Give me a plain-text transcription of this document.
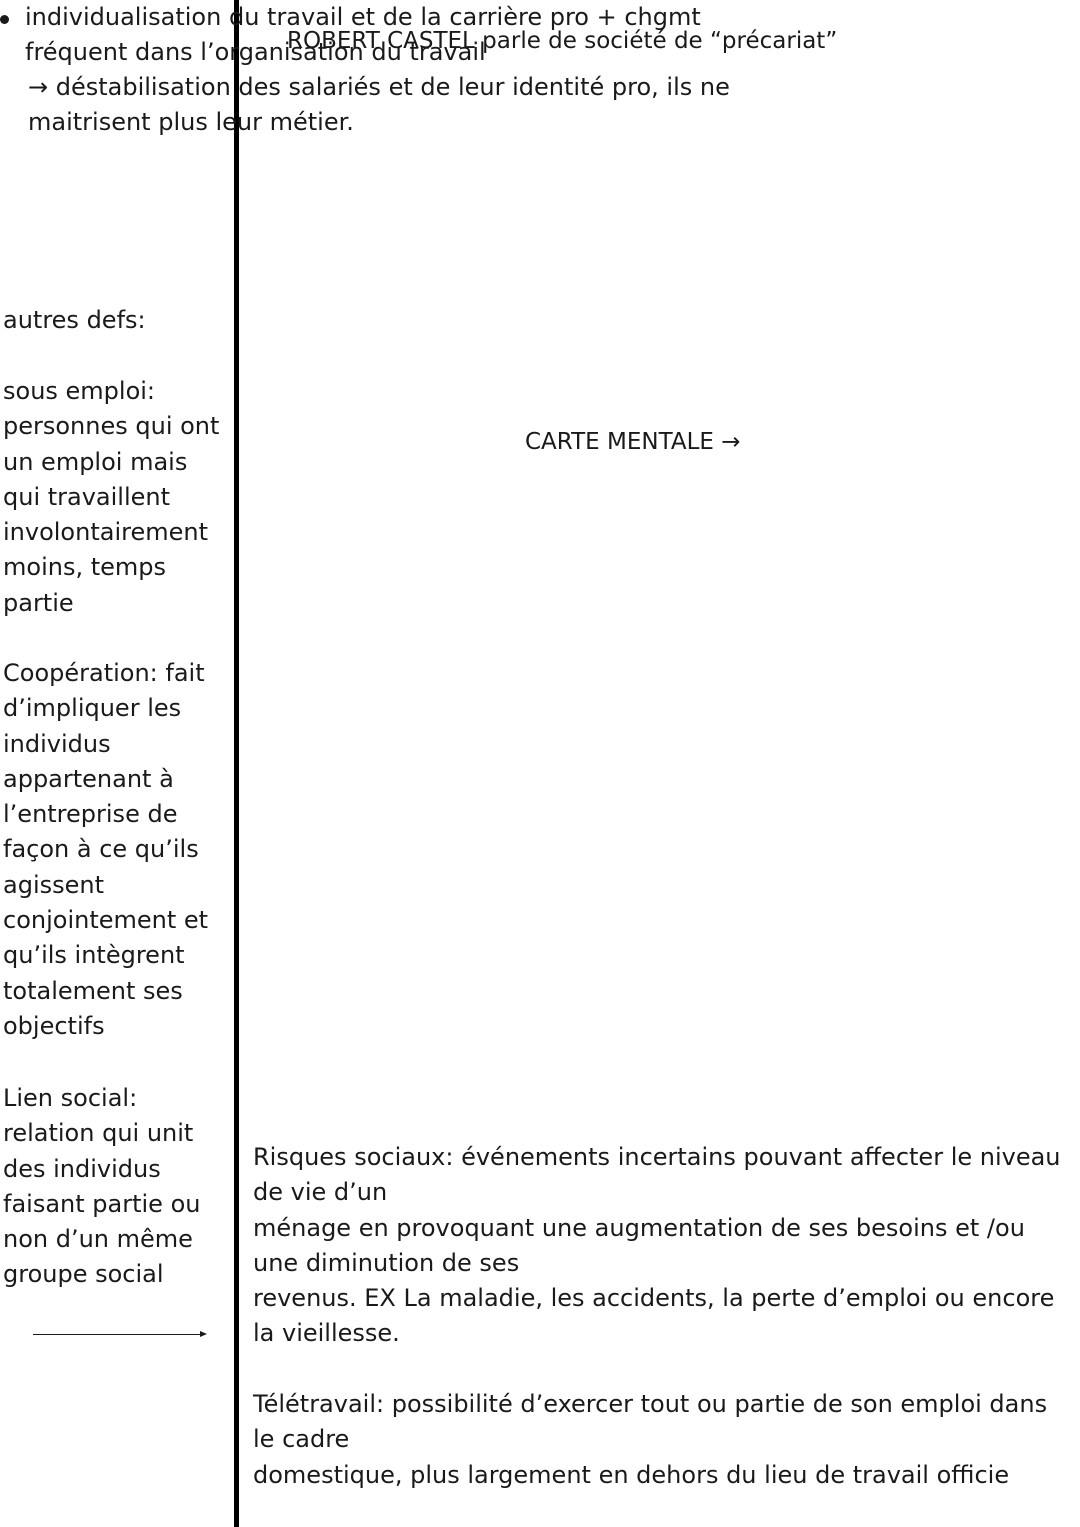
ROBERT CASTEL parle de société de “précariat”

individualisation du travail et de la carrière pro + chgmt fréquent dans l’organisation du travail
→ déstabilisation des salariés et de leur identité pro, ils ne maitrisent plus leur métier.

CARTE MENTALE →

autres defs:
sous emploi: personnes qui ont un emploi mais qui travaillent involontairement moins, temps partie
Coopération: fait d’impliquer les individus appartenant à l’entreprise de façon à ce qu’ils agissent conjointement et qu’ils intègrent totalement ses objectifs
Lien social: relation qui unit des individus faisant partie ou non d’un même groupe social
Risques sociaux: événements incertains pouvant affecter le niveau de vie d’un
ménage en provoquant une augmentation de ses besoins et /ou une diminution de ses
revenus. EX La maladie, les accidents, la perte d’emploi ou encore la vieillesse.
Télétravail: possibilité d’exercer tout ou partie de son emploi dans le cadre
domestique, plus largement en dehors du lieu de travail officie
